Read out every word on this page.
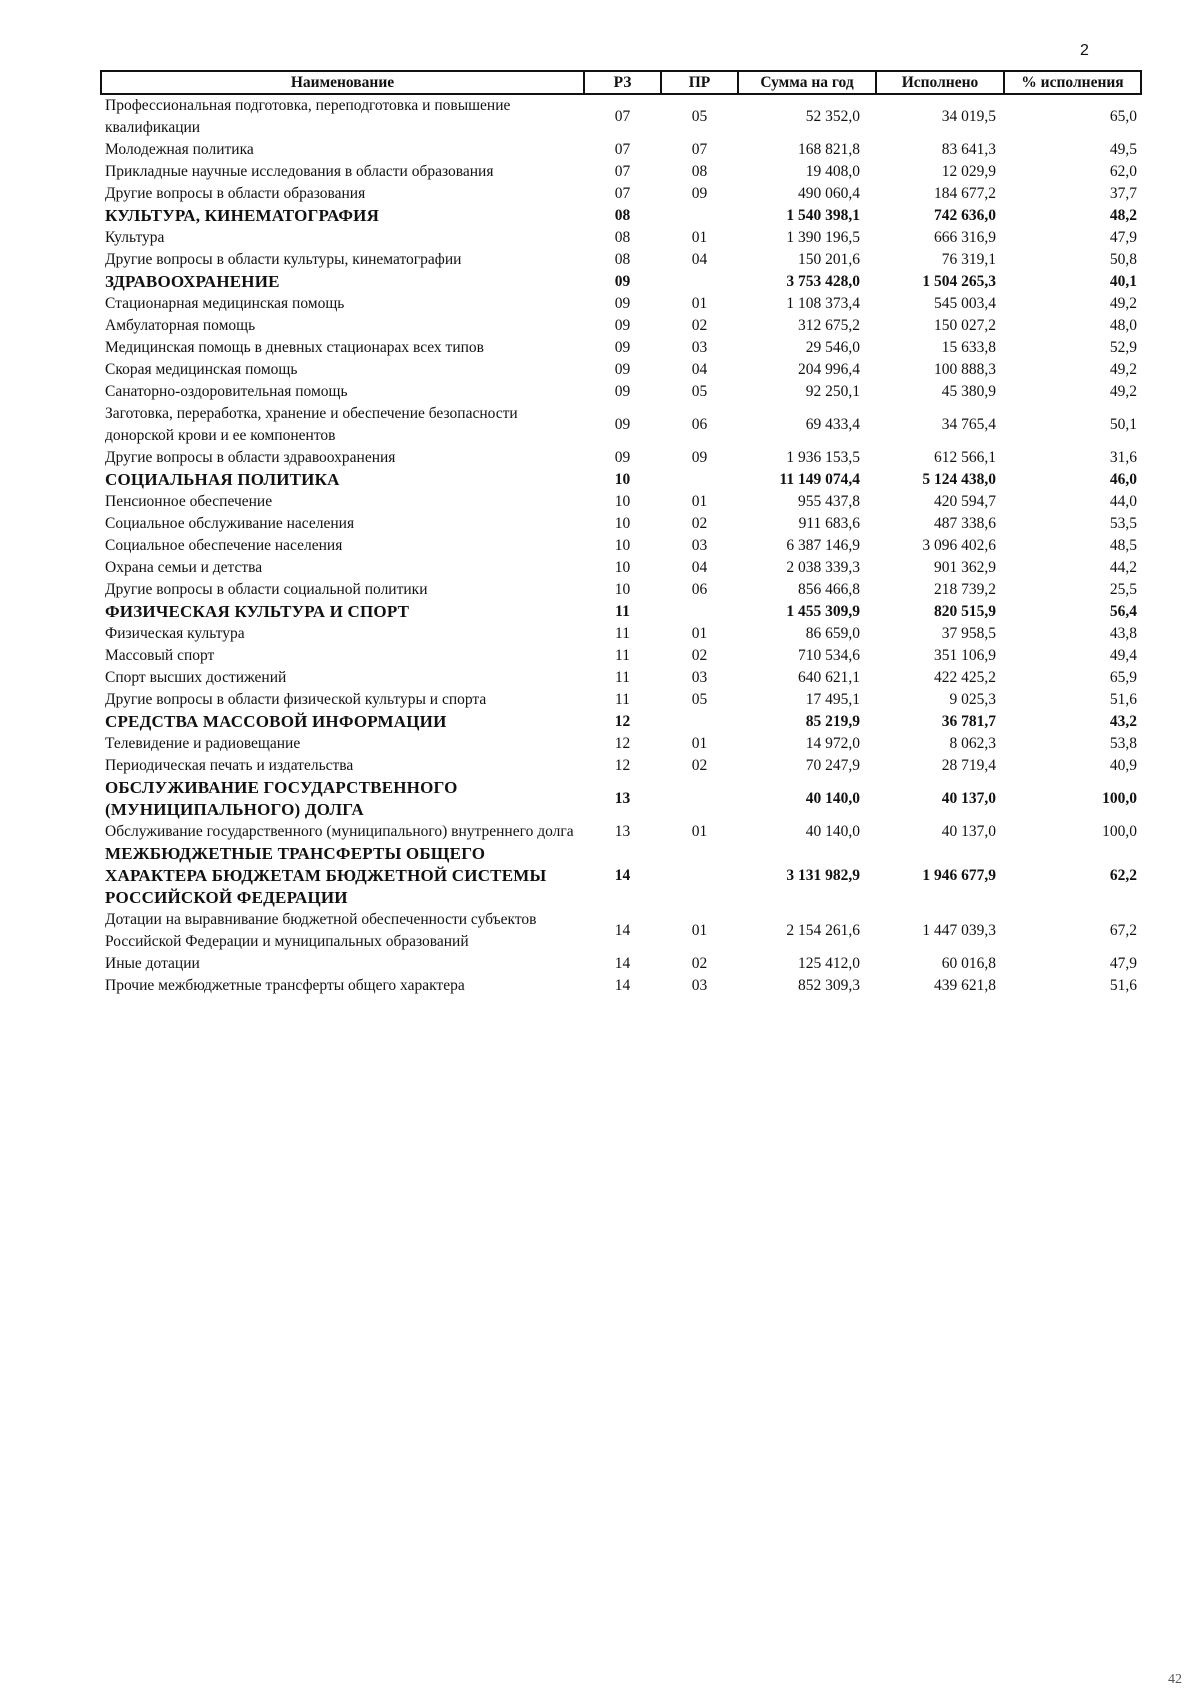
2
Наименование	РЗ	ПР	Сумма на год	Исполнено	% исполнения
Профессиональная подготовка, переподготовка и повышение квалификации	07	05	52 352,0	34 019,5	65,0
Молодежная политика	07	07	168 821,8	83 641,3	49,5
Прикладные научные исследования в области образования	07	08	19 408,0	12 029,9	62,0
Другие вопросы в области образования	07	09	490 060,4	184 677,2	37,7
КУЛЬТУРА, КИНЕМАТОГРАФИЯ	08		1 540 398,1	742 636,0	48,2
Культура	08	01	1 390 196,5	666 316,9	47,9
Другие вопросы в области культуры, кинематографии	08	04	150 201,6	76 319,1	50,8
ЗДРАВООХРАНЕНИЕ	09		3 753 428,0	1 504 265,3	40,1
Стационарная медицинская помощь	09	01	1 108 373,4	545 003,4	49,2
Амбулаторная помощь	09	02	312 675,2	150 027,2	48,0
Медицинская помощь в дневных стационарах всех типов	09	03	29 546,0	15 633,8	52,9
Скорая медицинская помощь	09	04	204 996,4	100 888,3	49,2
Санаторно-оздоровительная помощь	09	05	92 250,1	45 380,9	49,2
Заготовка, переработка, хранение и обеспечение безопасности донорской крови и ее компонентов	09	06	69 433,4	34 765,4	50,1
Другие вопросы в области здравоохранения	09	09	1 936 153,5	612 566,1	31,6
СОЦИАЛЬНАЯ ПОЛИТИКА	10		11 149 074,4	5 124 438,0	46,0
Пенсионное обеспечение	10	01	955 437,8	420 594,7	44,0
Социальное обслуживание населения	10	02	911 683,6	487 338,6	53,5
Социальное обеспечение населения	10	03	6 387 146,9	3 096 402,6	48,5
Охрана семьи и детства	10	04	2 038 339,3	901 362,9	44,2
Другие вопросы в области социальной политики	10	06	856 466,8	218 739,2	25,5
ФИЗИЧЕСКАЯ КУЛЬТУРА И СПОРТ	11		1 455 309,9	820 515,9	56,4
Физическая культура	11	01	86 659,0	37 958,5	43,8
Массовый спорт	11	02	710 534,6	351 106,9	49,4
Спорт высших достижений	11	03	640 621,1	422 425,2	65,9
Другие вопросы в области физической культуры и спорта	11	05	17 495,1	9 025,3	51,6
СРЕДСТВА МАССОВОЙ ИНФОРМАЦИИ	12		85 219,9	36 781,7	43,2
Телевидение и радиовещание	12	01	14 972,0	8 062,3	53,8
Периодическая печать и издательства	12	02	70 247,9	28 719,4	40,9
ОБСЛУЖИВАНИЕ ГОСУДАРСТВЕННОГО (МУНИЦИПАЛЬНОГО) ДОЛГА	13		40 140,0	40 137,0	100,0
Обслуживание государственного (муниципального) внутреннего долга	13	01	40 140,0	40 137,0	100,0
МЕЖБЮДЖЕТНЫЕ ТРАНСФЕРТЫ ОБЩЕГО ХАРАКТЕРА БЮДЖЕТАМ БЮДЖЕТНОЙ СИСТЕМЫ РОССИЙСКОЙ ФЕДЕРАЦИИ	14		3 131 982,9	1 946 677,9	62,2
Дотации на выравнивание бюджетной обеспеченности субъектов Российской Федерации и муниципальных образований	14	01	2 154 261,6	1 447 039,3	67,2
Иные дотации	14	02	125 412,0	60 016,8	47,9
Прочие межбюджетные трансферты общего характера	14	03	852 309,3	439 621,8	51,6
42
